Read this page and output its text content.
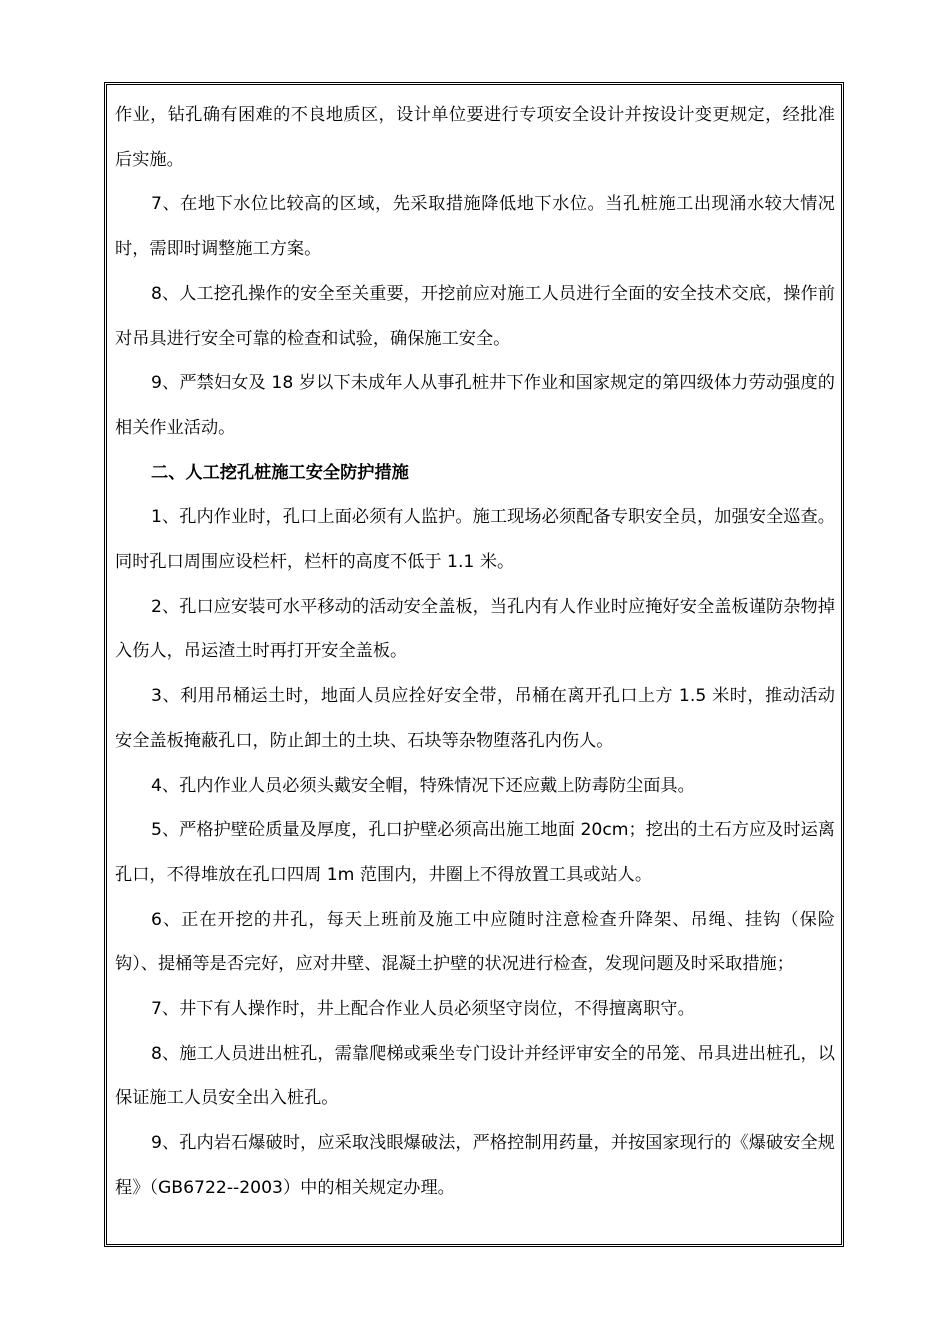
作业，钻孔确有困难的不良地质区，设计单位要进行专项安全设计并按设计变更规定，经批准后实施。

7、在地下水位比较高的区域，先采取措施降低地下水位。当孔桩施工出现涌水较大情况时，需即时调整施工方案。

8、人工挖孔操作的安全至关重要，开挖前应对施工人员进行全面的安全技术交底，操作前对吊具进行安全可靠的检查和试验，确保施工安全。

9、严禁妇女及 18 岁以下未成年人从事孔桩井下作业和国家规定的第四级体力劳动强度的相关作业活动。

二、人工挖孔桩施工安全防护措施

1、孔内作业时，孔口上面必须有人监护。施工现场必须配备专职安全员，加强安全巡查。同时孔口周围应设栏杆，栏杆的高度不低于 1.1 米。

2、孔口应安装可水平移动的活动安全盖板，当孔内有人作业时应掩好安全盖板谨防杂物掉入伤人，吊运渣土时再打开安全盖板。

3、利用吊桶运土时，地面人员应拴好安全带，吊桶在离开孔口上方 1.5 米时，推动活动安全盖板掩蔽孔口，防止卸土的土块、石块等杂物堕落孔内伤人。

4、孔内作业人员必须头戴安全帽，特殊情况下还应戴上防毒防尘面具。

5、严格护壁砼质量及厚度，孔口护壁必须高出施工地面 20cm；挖出的土石方应及时运离孔口，不得堆放在孔口四周 1m 范围内，井圈上不得放置工具或站人。

6、正在开挖的井孔，每天上班前及施工中应随时注意检查升降架、吊绳、挂钩（保险钩）、提桶等是否完好，应对井壁、混凝土护壁的状况进行检查，发现问题及时采取措施；

7、井下有人操作时，井上配合作业人员必须坚守岗位，不得擅离职守。

8、施工人员进出桩孔，需靠爬梯或乘坐专门设计并经评审安全的吊笼、吊具进出桩孔，以保证施工人员安全出入桩孔。

9、孔内岩石爆破时，应采取浅眼爆破法，严格控制用药量，并按国家现行的《爆破安全规程》（GB6722--2003）中的相关规定办理。
